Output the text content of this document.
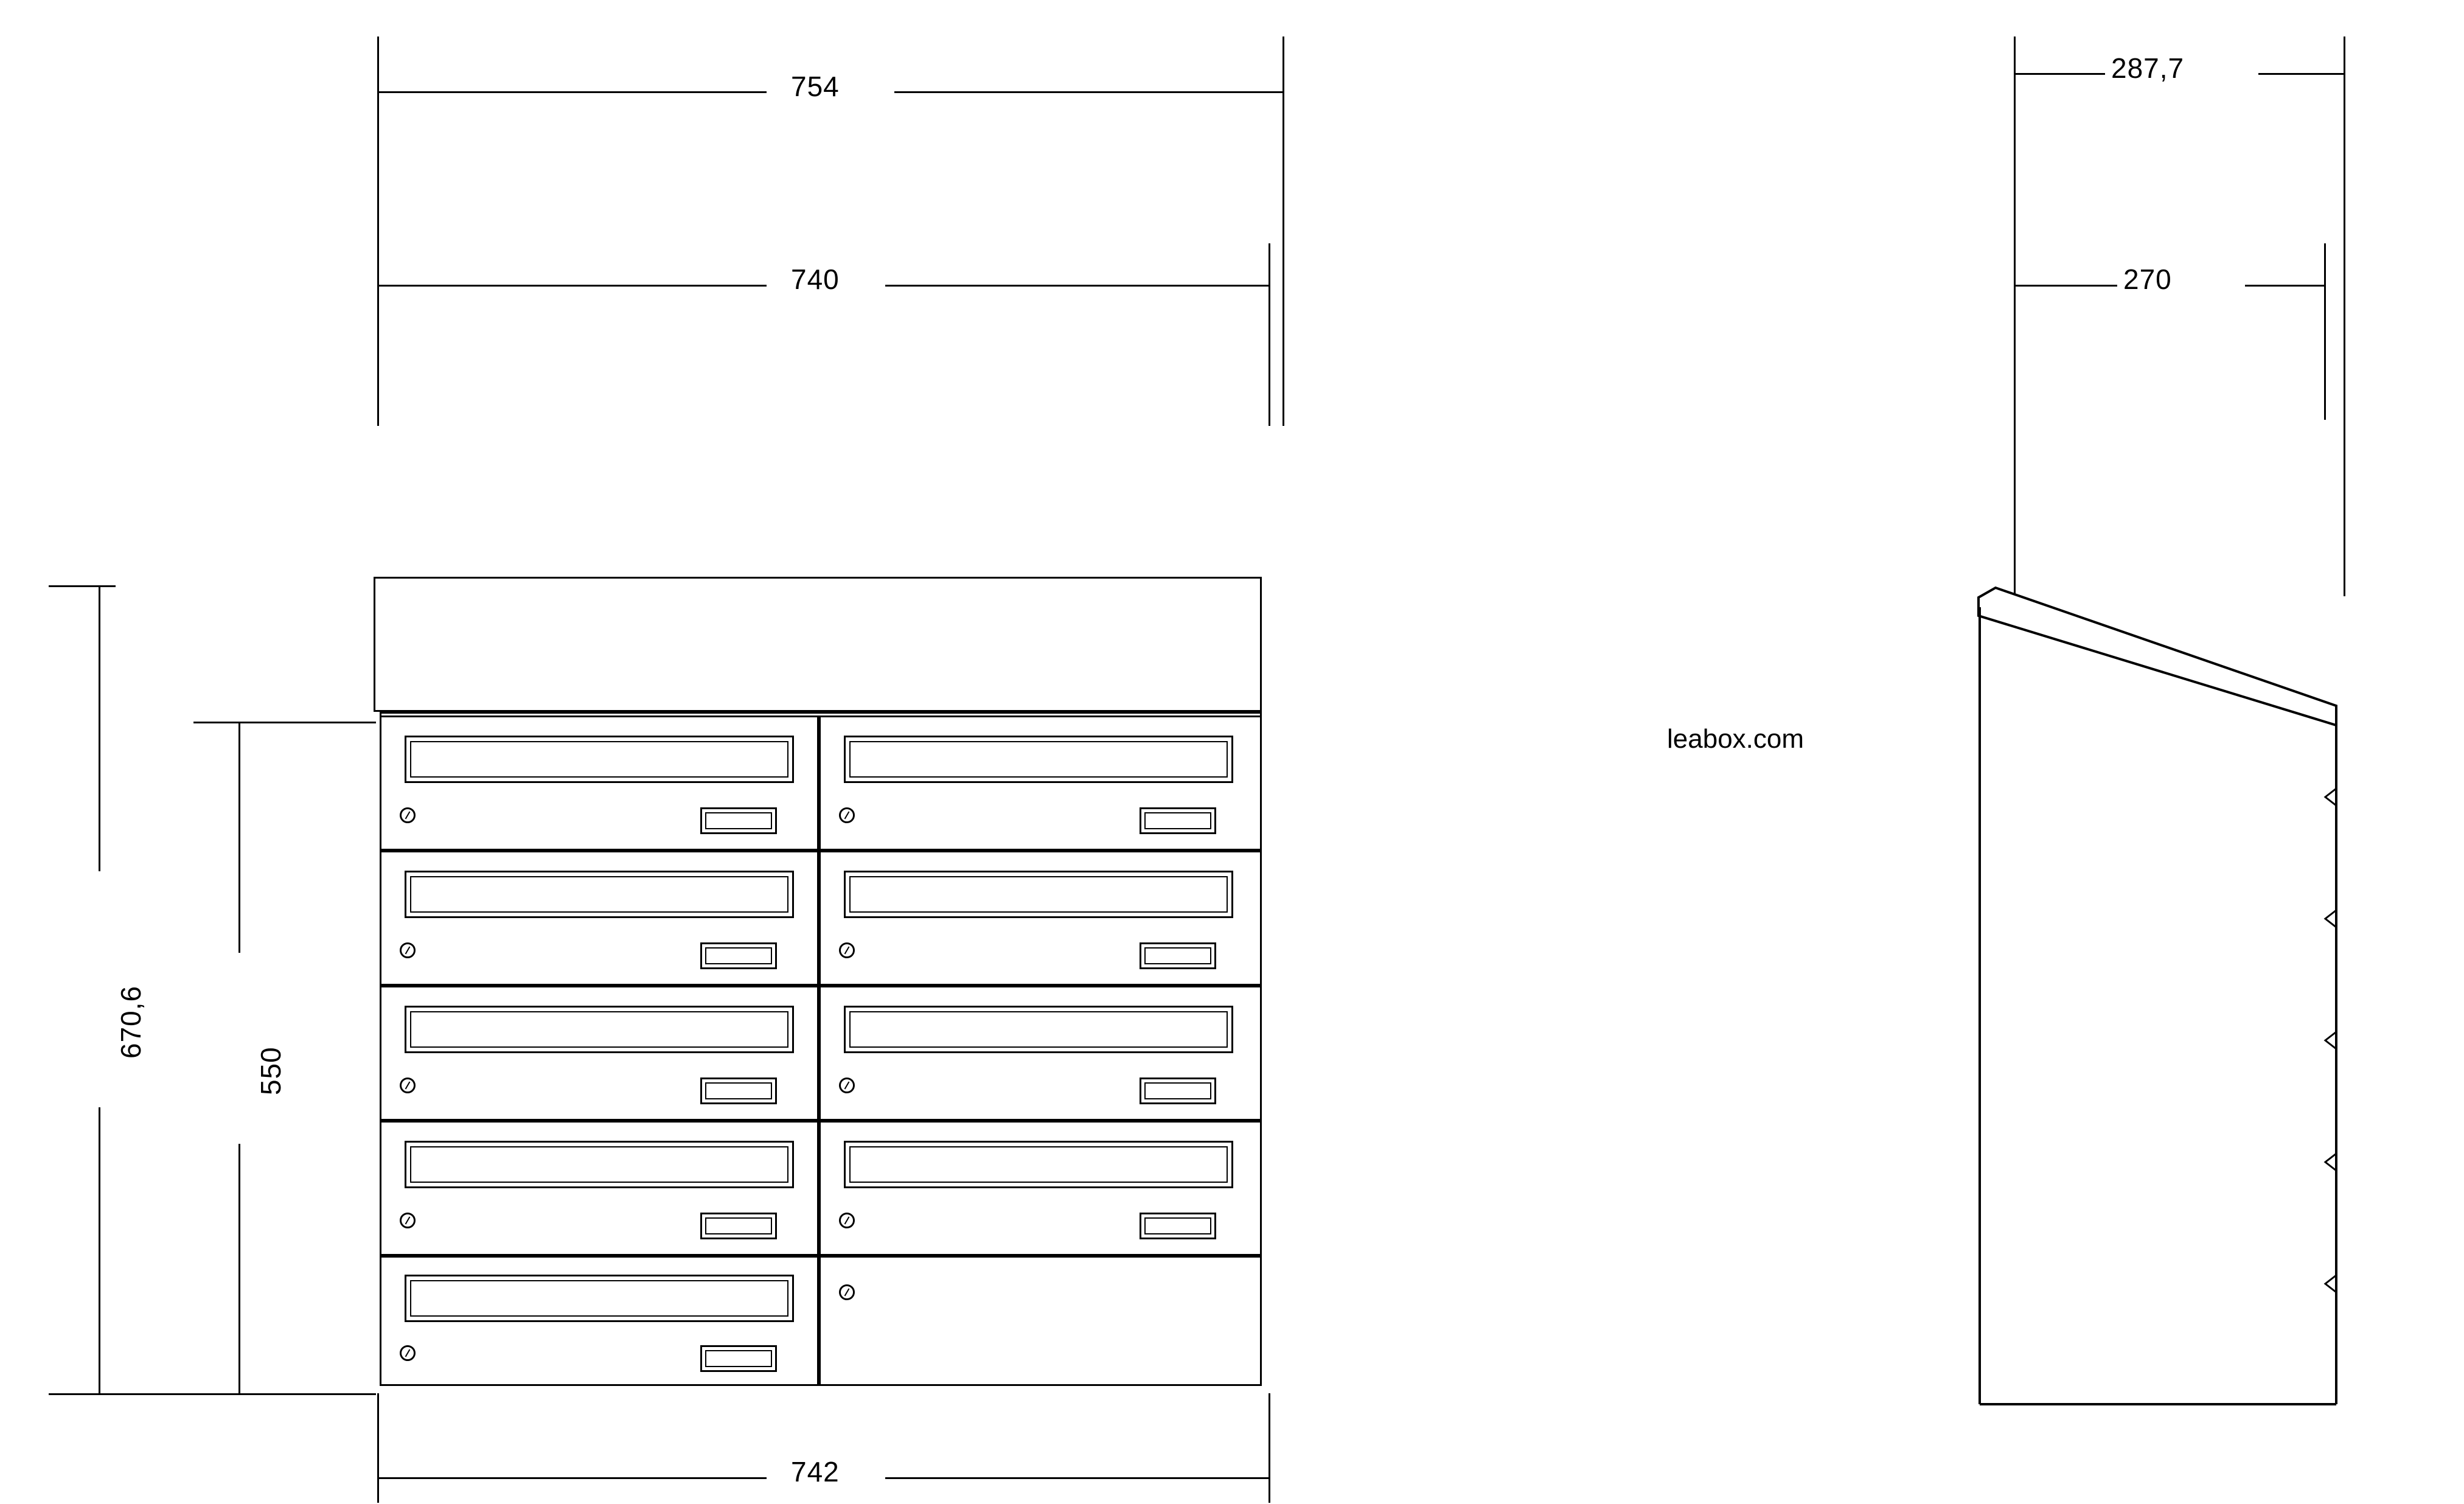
754
740
670,6
550
742
leabox.com
287,7
270
